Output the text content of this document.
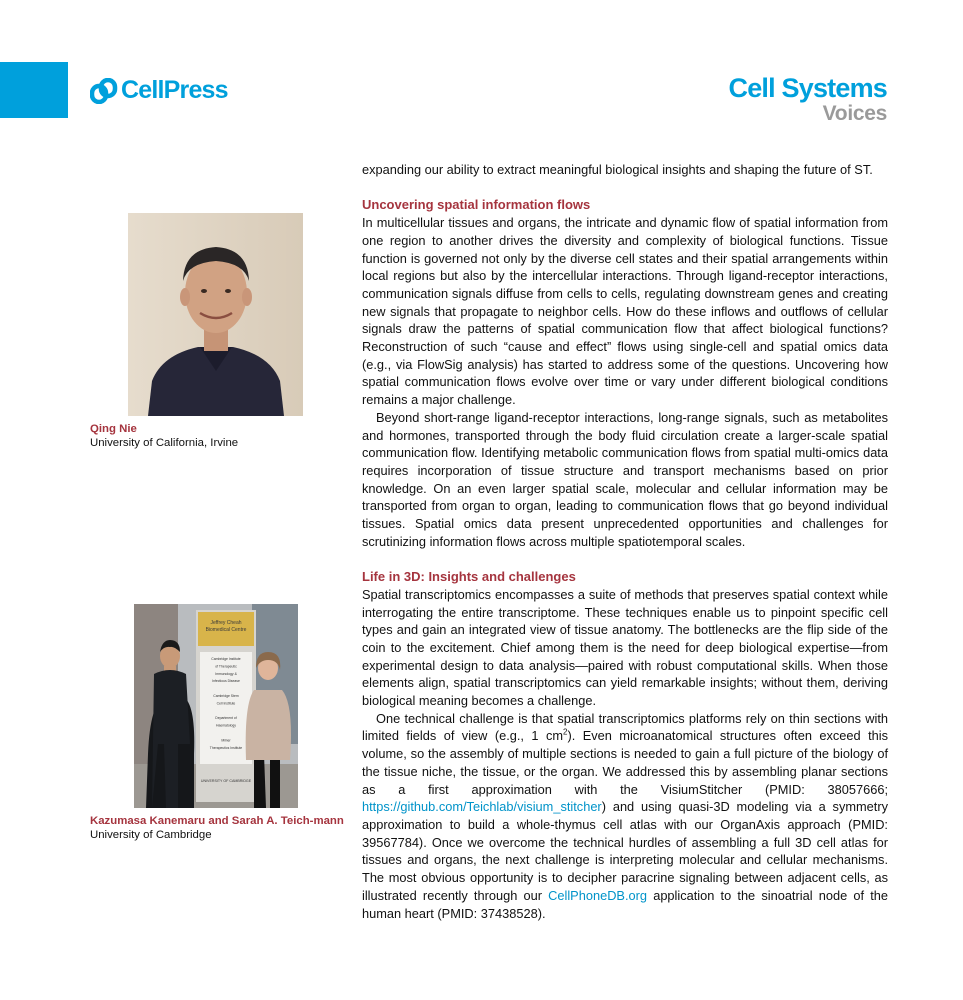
CellPress	Cell Systems
Voices
Qing Nie
University of California, Irvine
Jeffrey Cheah
Biomedical Centre
Cambridge Institute
of Therapeutic
Immunology &
Infectious Disease
Cambridge Stem
Cell Institute
Department of
Haematology
Milner
Therapeutics Institute
UNIVERSITY OF CAMBRIDGE
Kazumasa Kanemaru and Sarah A. Teich-mann
University of Cambridge

expanding our ability to extract meaningful biological insights and shaping the future of ST.

Uncovering spatial information flows

In multicellular tissues and organs, the intricate and dynamic flow of spatial information from one region to another drives the diversity and complexity of biological functions. Tissue function is governed not only by the diverse cell states and their spatial arrangements within local regions but also by the intercellular interactions. Through ligand-receptor interactions, communication signals diffuse from cells to cells, regulating downstream genes and creating new signals that propagate to neighbor cells. How do these inflows and outflows of cellular signals draw the patterns of spatial communication flow that affect biological functions? Reconstruction of such “cause and effect” flows using single-cell and spatial omics data (e.g., via FlowSig analysis) has started to address some of the questions. Uncovering how spatial communication flows evolve over time or vary under different biological conditions remains a major challenge.

Beyond short-range ligand-receptor interactions, long-range signals, such as metabolites and hormones, transported through the body fluid circulation create a larger-scale spatial communication flow. Identifying metabolic communication flows from spatial multi-omics data requires incorporation of tissue structure and transport mechanisms based on prior knowledge. On an even larger spatial scale, molecular and cellular information may be transported from organ to organ, leading to communication flows that go beyond individual tissues. Spatial omics data present unprecedented opportunities and challenges for scrutinizing information flows across multiple spatiotemporal scales.

Life in 3D: Insights and challenges

Spatial transcriptomics encompasses a suite of methods that preserves spatial context while interrogating the entire transcriptome. These techniques enable us to pinpoint specific cell types and gain an integrated view of tissue anatomy. The bottlenecks are the flip side of the coin to the excitement. Chief among them is the need for deep biological expertise—from experimental design to data analysis—paired with robust computational skills. When those elements align, spatial transcriptomics can yield remarkable insights; without them, deriving biological meaning becomes a challenge.

One technical challenge is that spatial transcriptomics platforms rely on thin sections with limited fields of view (e.g., 1 $cm^2$). Even microanatomical structures often exceed this volume, so the assembly of multiple sections is needed to gain a full picture of the biology of the tissue niche, the tissue, or the organ. We addressed this by assembling planar sections as a first approximation with the VisiumStitcher (PMID: 38057666; https://github.com/Teichlab/visium_stitcher) and using quasi-3D modeling via a symmetry approximation to build a whole-thymus cell atlas with our OrganAxis approach (PMID: 39567784). Once we overcome the technical hurdles of assembling a full 3D cell atlas for tissues and organs, the next challenge is interpreting molecular and cellular mechanisms. The most obvious opportunity is to decipher paracrine signaling between adjacent cells, as illustrated recently through our CellPhoneDB.org application to the sinoatrial node of the human heart (PMID: 37438528).
